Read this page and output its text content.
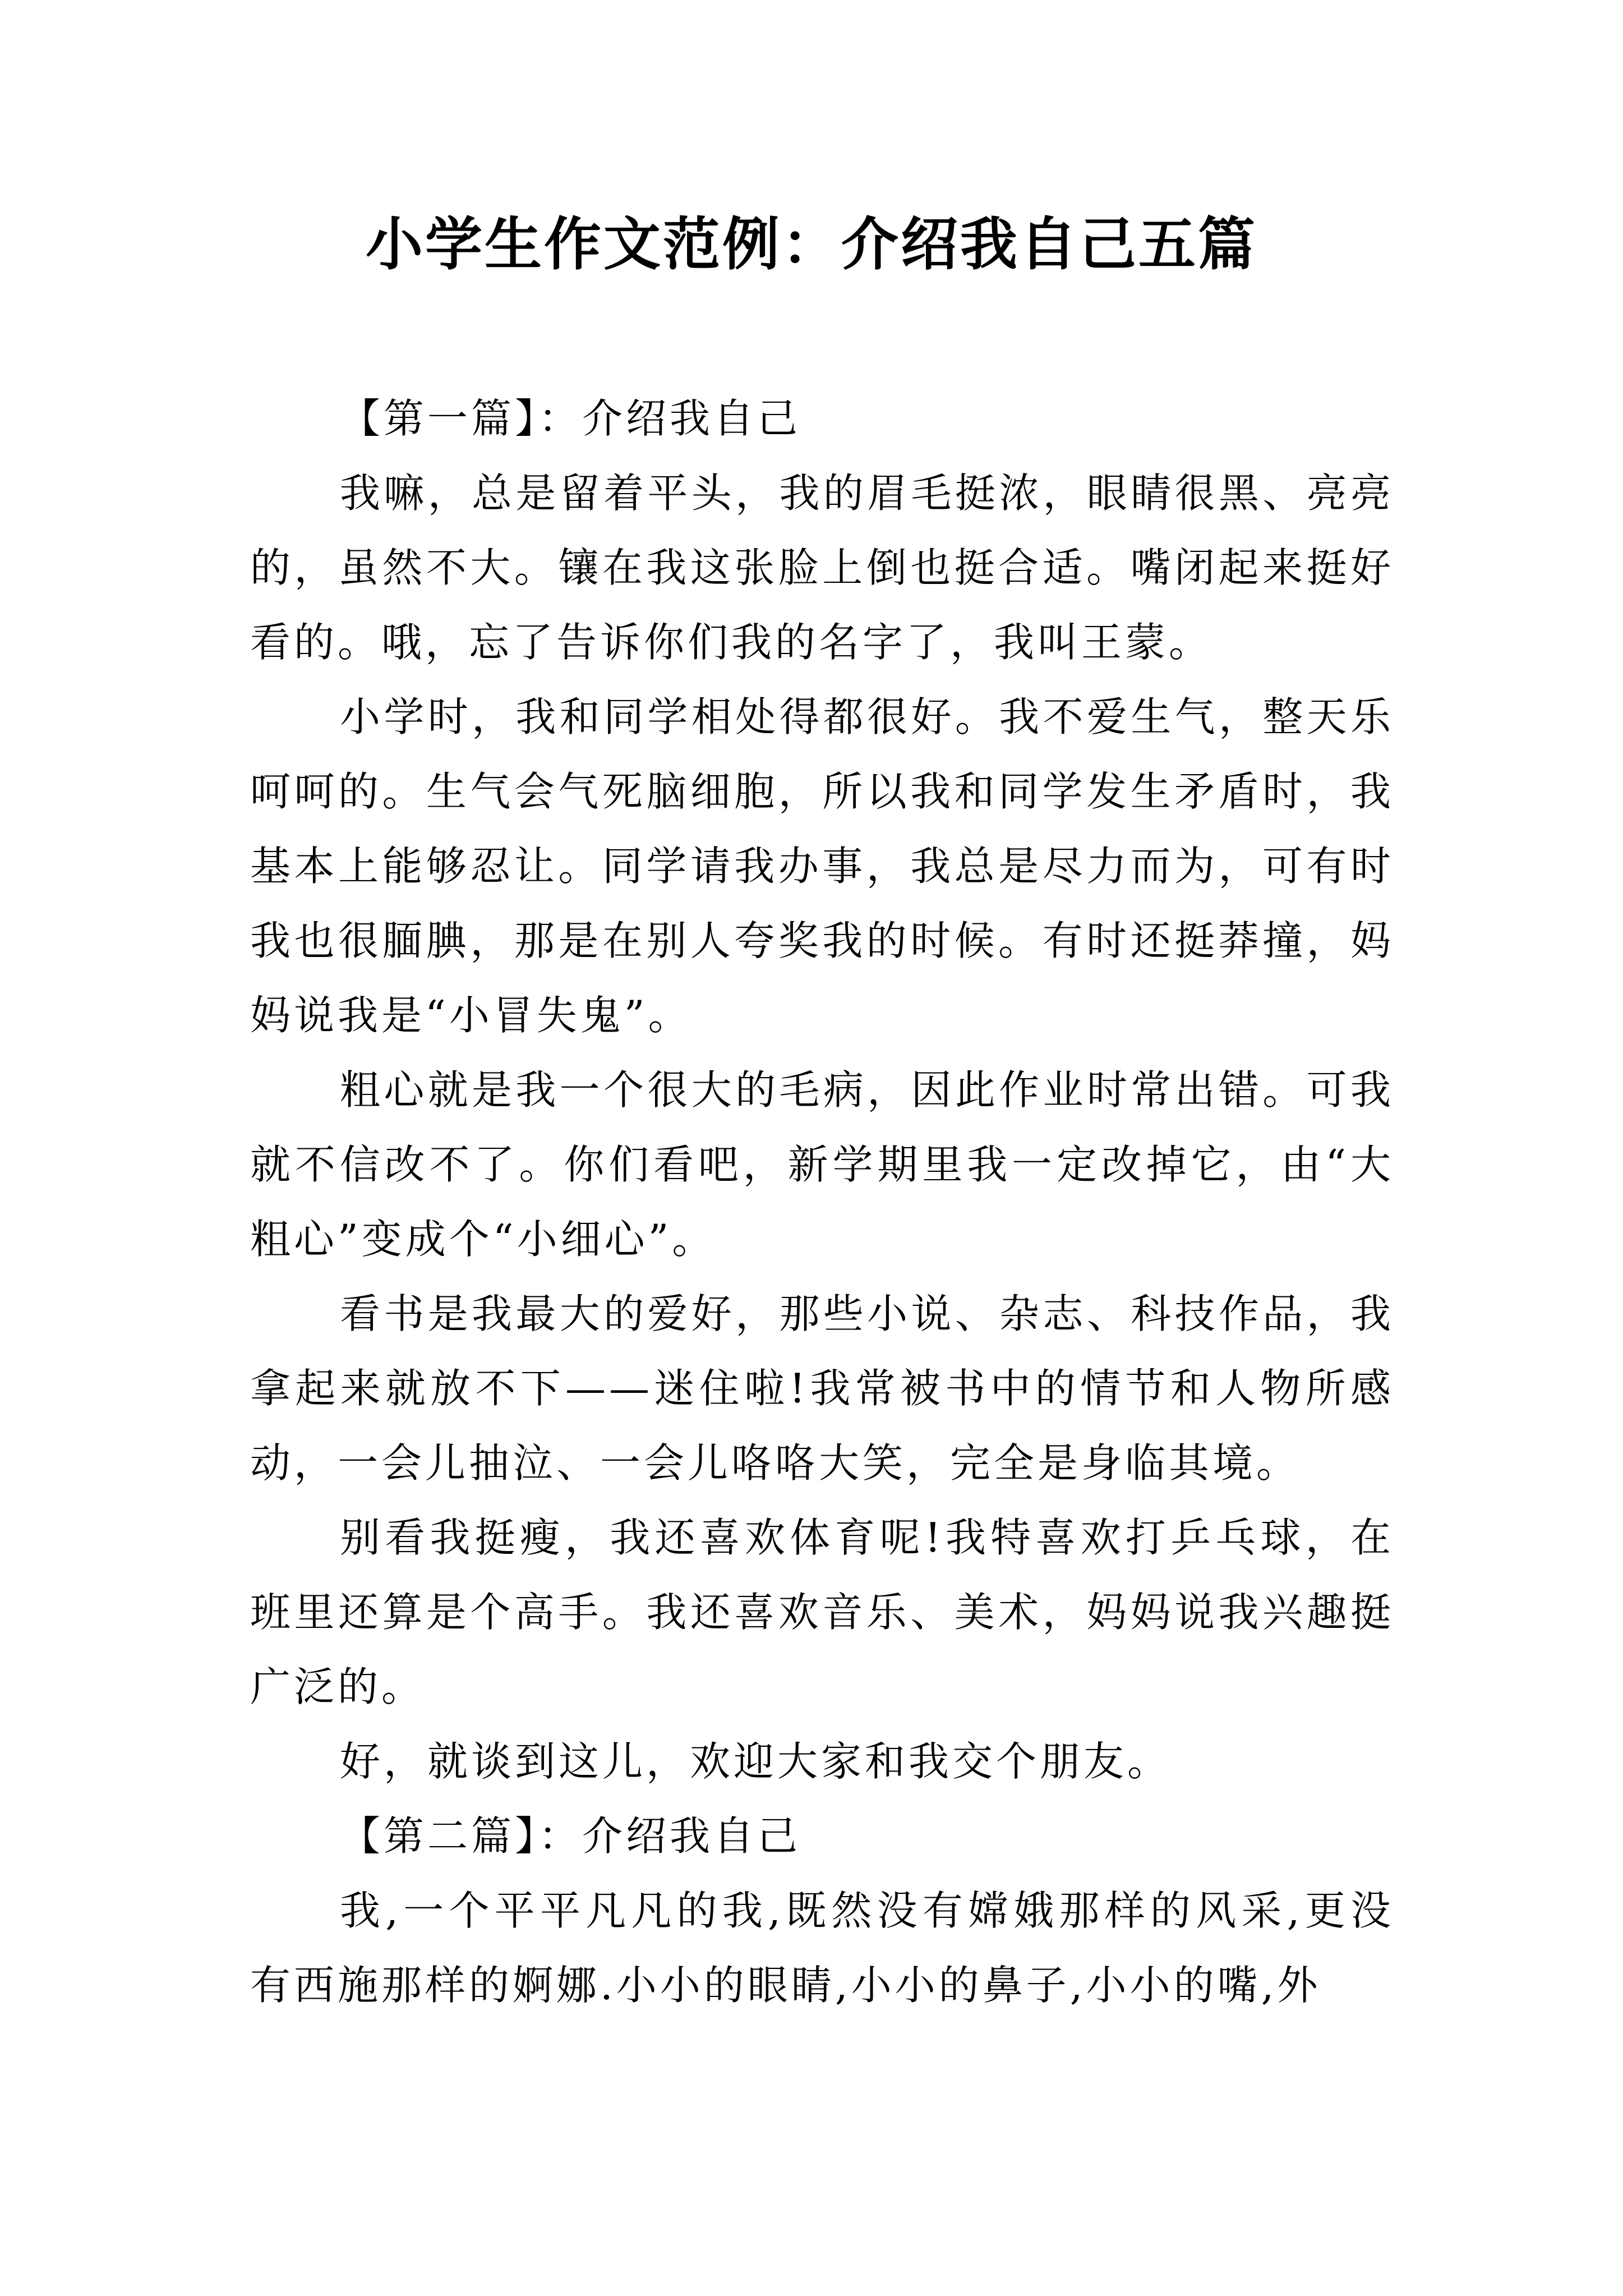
小学生作文范例：介绍我自己五篇

【第一篇】：介绍我自己

我嘛，总是留着平头，我的眉毛挺浓，眼睛很黑、亮亮的，虽然不大。镶在我这张脸上倒也挺合适。嘴闭起来挺好看的。哦，忘了告诉你们我的名字了，我叫王蒙。

小学时，我和同学相处得都很好。我不爱生气，整天乐呵呵的。生气会气死脑细胞，所以我和同学发生矛盾时，我基本上能够忍让。同学请我办事，我总是尽力而为，可有时我也很腼腆，那是在别人夸奖我的时候。有时还挺莽撞，妈妈说我是“小冒失鬼”。

粗心就是我一个很大的毛病，因此作业时常出错。可我就不信改不了。你们看吧，新学期里我一定改掉它，由“大粗心”变成个“小细心”。

看书是我最大的爱好，那些小说、杂志、科技作品，我拿起来就放不下——迷住啦!我常被书中的情节和人物所感动，一会儿抽泣、一会儿咯咯大笑，完全是身临其境。

别看我挺瘦，我还喜欢体育呢!我特喜欢打乒乓球，在班里还算是个高手。我还喜欢音乐、美术，妈妈说我兴趣挺广泛的。

好，就谈到这儿，欢迎大家和我交个朋友。

【第二篇】：介绍我自己

我,一个平平凡凡的我,既然没有嫦娥那样的风采,更没有西施那样的婀娜.小小的眼睛,小小的鼻子,小小的嘴,外
